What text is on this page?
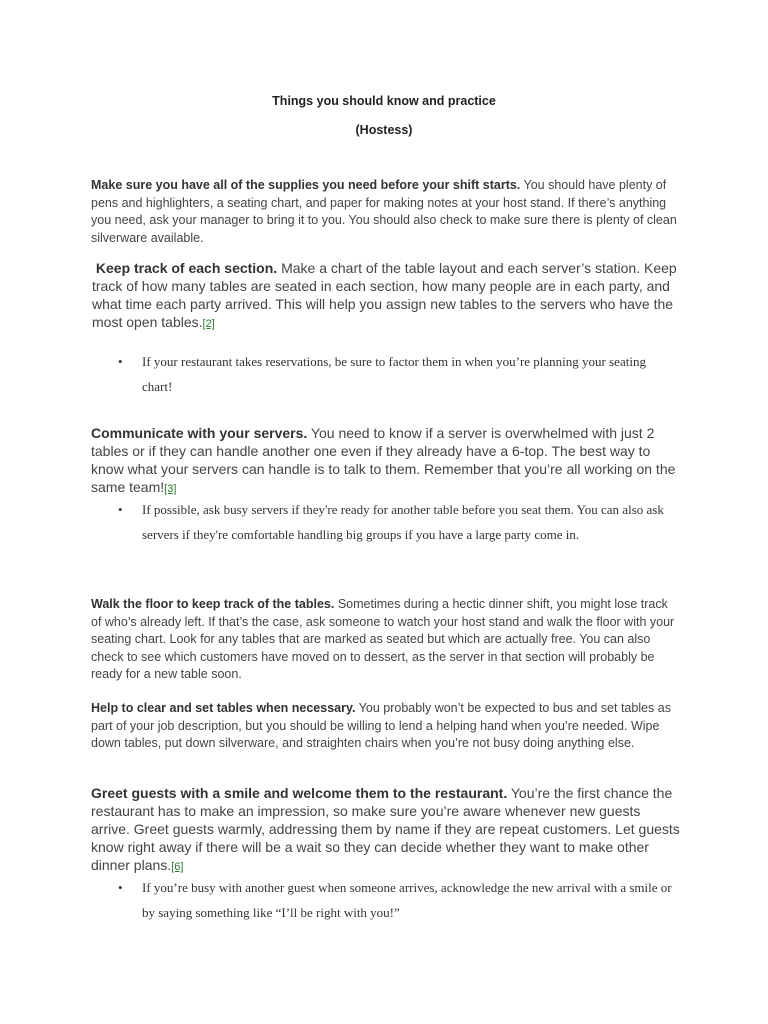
Things you should know and practice
(Hostess)
Make sure you have all of the supplies you need before your shift starts. You should have plenty of pens and highlighters, a seating chart, and paper for making notes at your host stand. If there’s anything you need, ask your manager to bring it to you. You should also check to make sure there is plenty of clean silverware available.
Keep track of each section. Make a chart of the table layout and each server’s station. Keep track of how many tables are seated in each section, how many people are in each party, and what time each party arrived. This will help you assign new tables to the servers who have the most open tables.[2]
•	If your restaurant takes reservations, be sure to factor them in when you’re planning your seating chart!
Communicate with your servers. You need to know if a server is overwhelmed with just 2 tables or if they can handle another one even if they already have a 6-top. The best way to know what your servers can handle is to talk to them. Remember that you’re all working on the same team![3]
•	If possible, ask busy servers if they're ready for another table before you seat them. You can also ask servers if they're comfortable handling big groups if you have a large party come in.
Walk the floor to keep track of the tables. Sometimes during a hectic dinner shift, you might lose track of who’s already left. If that’s the case, ask someone to watch your host stand and walk the floor with your seating chart. Look for any tables that are marked as seated but which are actually free. You can also check to see which customers have moved on to dessert, as the server in that section will probably be ready for a new table soon.
Help to clear and set tables when necessary. You probably won’t be expected to bus and set tables as part of your job description, but you should be willing to lend a helping hand when you’re needed. Wipe down tables, put down silverware, and straighten chairs when you’re not busy doing anything else.
Greet guests with a smile and welcome them to the restaurant. You’re the first chance the restaurant has to make an impression, so make sure you’re aware whenever new guests arrive. Greet guests warmly, addressing them by name if they are repeat customers. Let guests know right away if there will be a wait so they can decide whether they want to make other dinner plans.[6]
•	If you’re busy with another guest when someone arrives, acknowledge the new arrival with a smile or by saying something like “I’ll be right with you!”
